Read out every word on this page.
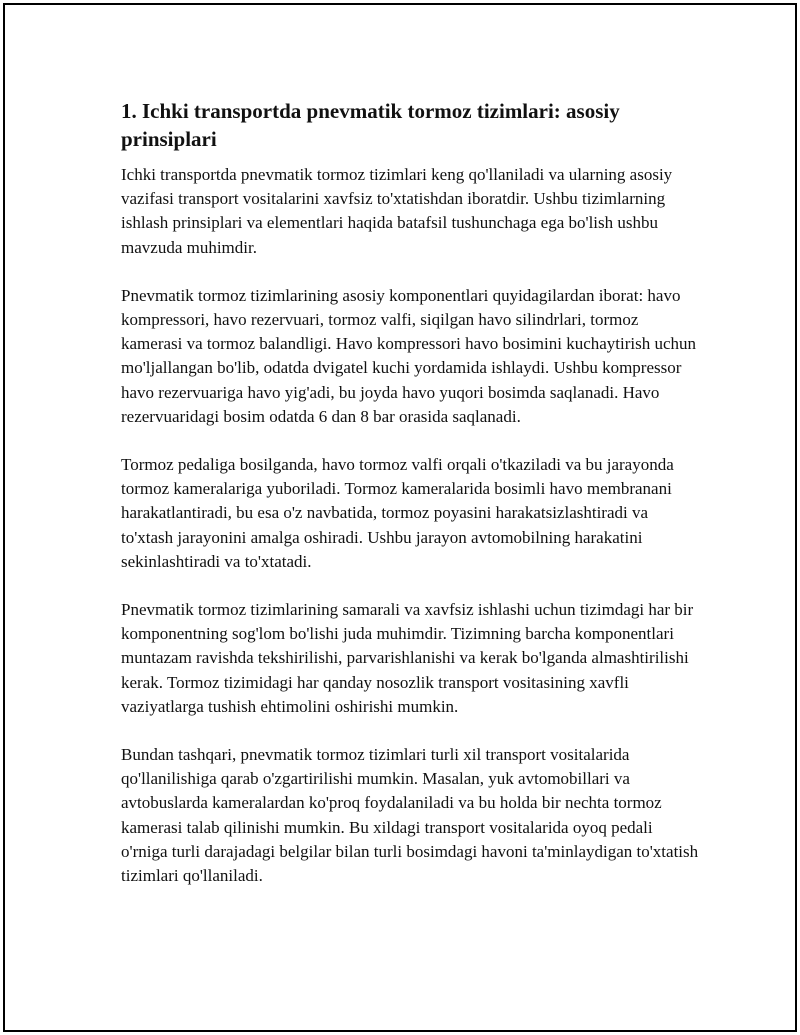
1. Ichki transportda pnevmatik tormoz tizimlari: asosiy prinsiplari

Ichki transportda pnevmatik tormoz tizimlari keng qo'llaniladi va ularning asosiy vazifasi transport vositalarini xavfsiz to'xtatishdan iboratdir. Ushbu tizimlarning ishlash prinsiplari va elementlari haqida batafsil tushunchaga ega bo'lish ushbu mavzuda muhimdir.

Pnevmatik tormoz tizimlarining asosiy komponentlari quyidagilardan iborat: havo kompressori, havo rezervuari, tormoz valfi, siqilgan havo silindrlari, tormoz kamerasi va tormoz balandligi. Havo kompressori havo bosimini kuchaytirish uchun mo'ljallangan bo'lib, odatda dvigatel kuchi yordamida ishlaydi. Ushbu kompressor havo rezervuariga havo yig'adi, bu joyda havo yuqori bosimda saqlanadi. Havo rezervuaridagi bosim odatda 6 dan 8 bar orasida saqlanadi.

Tormoz pedaliga bosilganda, havo tormoz valfi orqali o'tkaziladi va bu jarayonda tormoz kameralariga yuboriladi. Tormoz kameralarida bosimli havo membranani harakatlantiradi, bu esa o'z navbatida, tormoz poyasini harakatsizlashtiradi va to'xtash jarayonini amalga oshiradi. Ushbu jarayon avtomobilning harakatini sekinlashtiradi va to'xtatadi.

Pnevmatik tormoz tizimlarining samarali va xavfsiz ishlashi uchun tizimdagi har bir komponentning sog'lom bo'lishi juda muhimdir. Tizimning barcha komponentlari muntazam ravishda tekshirilishi, parvarishlanishi va kerak bo'lganda almashtirilishi kerak. Tormoz tizimidagi har qanday nosozlik transport vositasining xavfli vaziyatlarga tushish ehtimolini oshirishi mumkin.

Bundan tashqari, pnevmatik tormoz tizimlari turli xil transport vositalarida qo'llanilishiga qarab o'zgartirilishi mumkin. Masalan, yuk avtomobillari va avtobuslarda kameralardan ko'proq foydalaniladi va bu holda bir nechta tormoz kamerasi talab qilinishi mumkin. Bu xildagi transport vositalarida oyoq pedali o'rniga turli darajadagi belgilar bilan turli bosimdagi havoni ta'minlaydigan to'xtatish tizimlari qo'llaniladi.
